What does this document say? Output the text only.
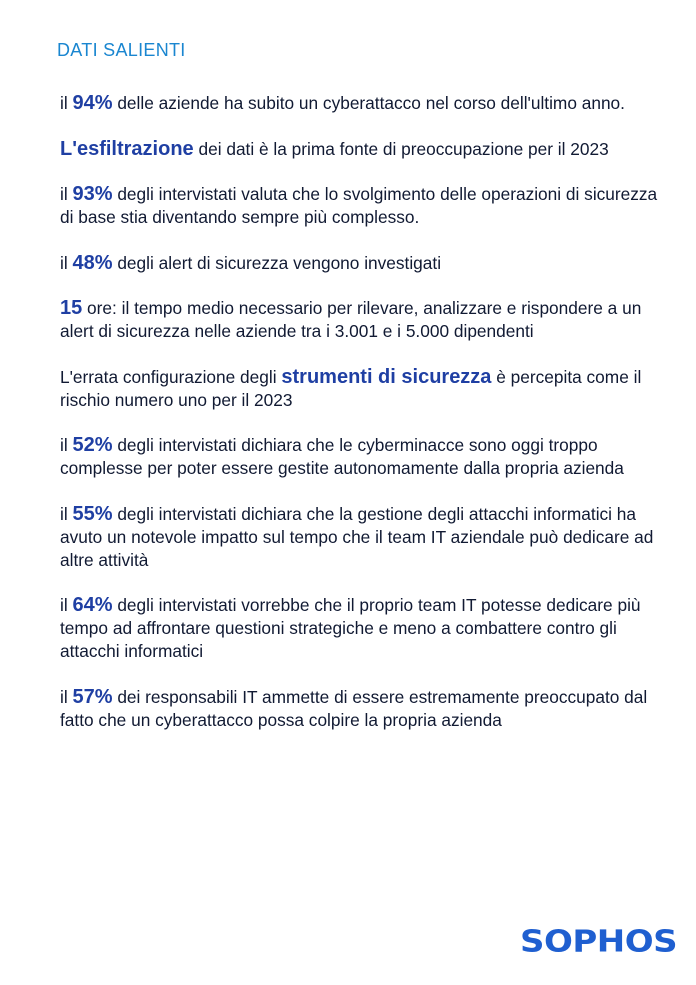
DATI SALIENTI

il 94% delle aziende ha subito un cyberattacco nel corso dell'ultimo anno.

L'esfiltrazione dei dati è la prima fonte di preoccupazione per il 2023

il 93% degli intervistati valuta che lo svolgimento delle operazioni di sicurezza di base stia diventando sempre più complesso.

il 48% degli alert di sicurezza vengono investigati

15 ore: il tempo medio necessario per rilevare, analizzare e rispondere a un alert di sicurezza nelle aziende tra i 3.001 e i 5.000 dipendenti

L'errata configurazione degli strumenti di sicurezza è percepita come il rischio numero uno per il 2023

il 52% degli intervistati dichiara che le cyberminacce sono oggi troppo complesse per poter essere gestite autonomamente dalla propria azienda

il 55% degli intervistati dichiara che la gestione degli attacchi informatici ha avuto un notevole impatto sul tempo che il team IT aziendale può dedicare ad altre attività

il 64% degli intervistati vorrebbe che il proprio team IT potesse dedicare più tempo ad affrontare questioni strategiche e meno a combattere contro gli attacchi informatici

il 57% dei responsabili IT ammette di essere estremamente preoccupato dal fatto che un cyberattacco possa colpire la propria azienda

SOPHOS
